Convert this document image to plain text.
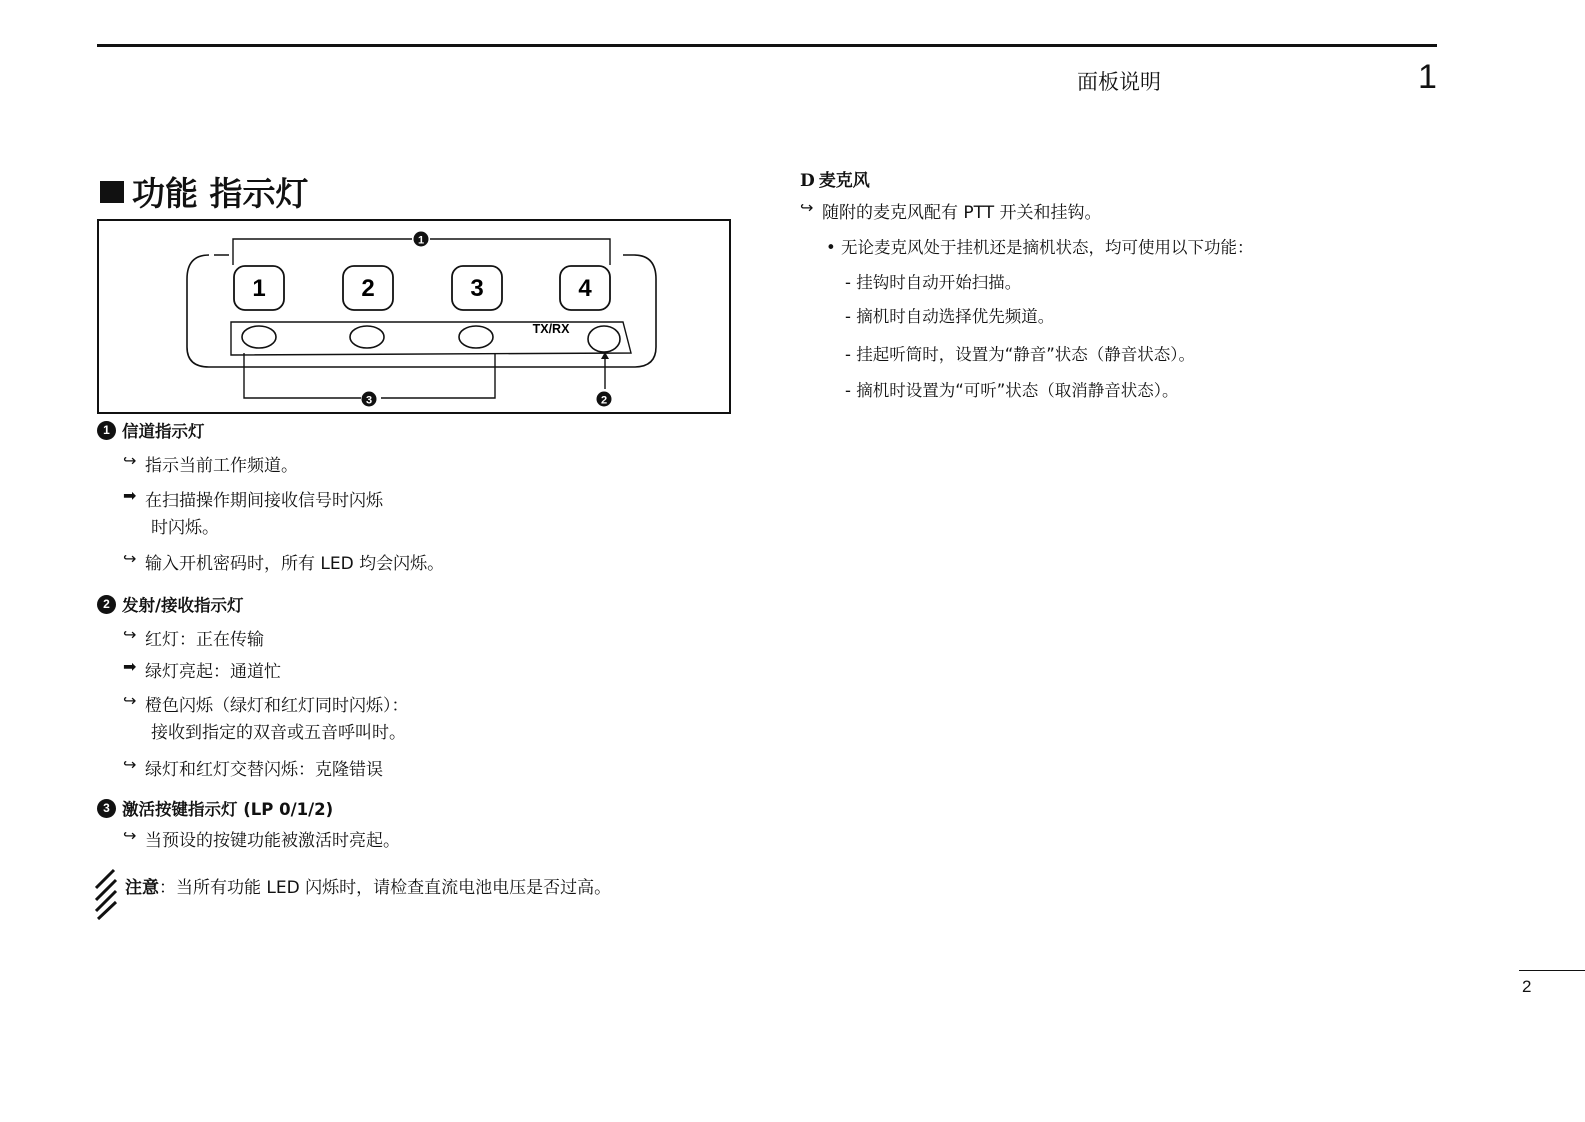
面板说明	1
功能 指示灯
1
1	2	3	4
TX/RX
3	2
1 信道指示灯
↪ 指示当前工作频道。
➡ 在扫描操作期间接收信号时闪烁
时闪烁。
↪ 输入开机密码时，所有 LED 均会闪烁。
2 发射/接收指示灯
↪ 红灯：正在传输
➡ 绿灯亮起：通道忙
↪ 橙色闪烁（绿灯和红灯同时闪烁）：
接收到指定的双音或五音呼叫时。
↪ 绿灯和红灯交替闪烁：克隆错误
3 激活按键指示灯 (LP 0/1/2)
↪ 当预设的按键功能被激活时亮起。
注意：当所有功能 LED 闪烁时，请检查直流电池电压是否过高。
D 麦克风
↪ 随附的麦克风配有 PTT 开关和挂钩。
• 无论麦克风处于挂机还是摘机状态，均可使用以下功能：
- 挂钩时自动开始扫描。
- 摘机时自动选择优先频道。
- 挂起听筒时，设置为“静音”状态（静音状态）。
- 摘机时设置为“可听”状态（取消静音状态）。
2
